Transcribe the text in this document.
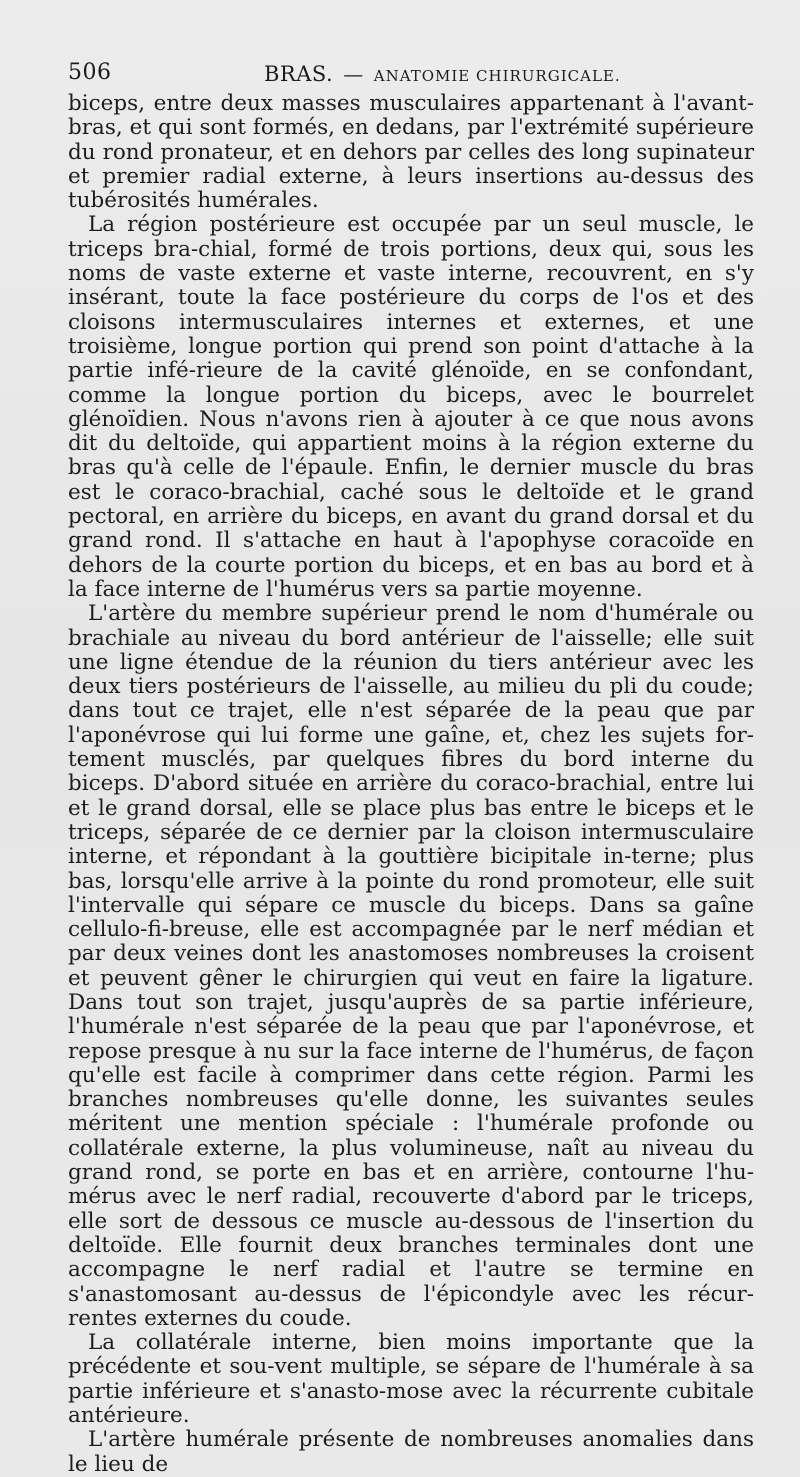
506	BRAS. — ANATOMIE CHIRURGICALE.

biceps, entre deux masses musculaires appartenant à l'avant-bras, et qui sont formés, en dedans, par l'extrémité supérieure du rond pronateur, et en dehors par celles des long supinateur et premier radial externe, à leurs insertions au-dessus des tubérosités humérales.

La région postérieure est occupée par un seul muscle, le triceps bra-chial, formé de trois portions, deux qui, sous les noms de vaste externe et vaste interne, recouvrent, en s'y insérant, toute la face postérieure du corps de l'os et des cloisons intermusculaires internes et externes, et une troisième, longue portion qui prend son point d'attache à la partie infé-rieure de la cavité glénoïde, en se confondant, comme la longue portion du biceps, avec le bourrelet glénoïdien. Nous n'avons rien à ajouter à ce que nous avons dit du deltoïde, qui appartient moins à la région externe du bras qu'à celle de l'épaule. Enfin, le dernier muscle du bras est le coraco-brachial, caché sous le deltoïde et le grand pectoral, en arrière du biceps, en avant du grand dorsal et du grand rond. Il s'attache en haut à l'apophyse coracoïde en dehors de la courte portion du biceps, et en bas au bord et à la face interne de l'humérus vers sa partie moyenne.

L'artère du membre supérieur prend le nom d'humérale ou brachiale au niveau du bord antérieur de l'aisselle; elle suit une ligne étendue de la réunion du tiers antérieur avec les deux tiers postérieurs de l'aisselle, au milieu du pli du coude; dans tout ce trajet, elle n'est séparée de la peau que par l'aponévrose qui lui forme une gaîne, et, chez les sujets for-tement musclés, par quelques fibres du bord interne du biceps. D'abord située en arrière du coraco-brachial, entre lui et le grand dorsal, elle se place plus bas entre le biceps et le triceps, séparée de ce dernier par la cloison intermusculaire interne, et répondant à la gouttière bicipitale in-terne; plus bas, lorsqu'elle arrive à la pointe du rond promoteur, elle suit l'intervalle qui sépare ce muscle du biceps. Dans sa gaîne cellulo-fi-breuse, elle est accompagnée par le nerf médian et par deux veines dont les anastomoses nombreuses la croisent et peuvent gêner le chirurgien qui veut en faire la ligature. Dans tout son trajet, jusqu'auprès de sa partie inférieure, l'humérale n'est séparée de la peau que par l'aponévrose, et repose presque à nu sur la face interne de l'humérus, de façon qu'elle est facile à comprimer dans cette région. Parmi les branches nombreuses qu'elle donne, les suivantes seules méritent une mention spéciale : l'humérale profonde ou collatérale externe, la plus volumineuse, naît au niveau du grand rond, se porte en bas et en arrière, contourne l'hu-mérus avec le nerf radial, recouverte d'abord par le triceps, elle sort de dessous ce muscle au-dessous de l'insertion du deltoïde. Elle fournit deux branches terminales dont une accompagne le nerf radial et l'autre se termine en s'anastomosant au-dessus de l'épicondyle avec les récur-rentes externes du coude.

La collatérale interne, bien moins importante que la précédente et sou-vent multiple, se sépare de l'humérale à sa partie inférieure et s'anasto-mose avec la récurrente cubitale antérieure.

L'artère humérale présente de nombreuses anomalies dans le lieu de
